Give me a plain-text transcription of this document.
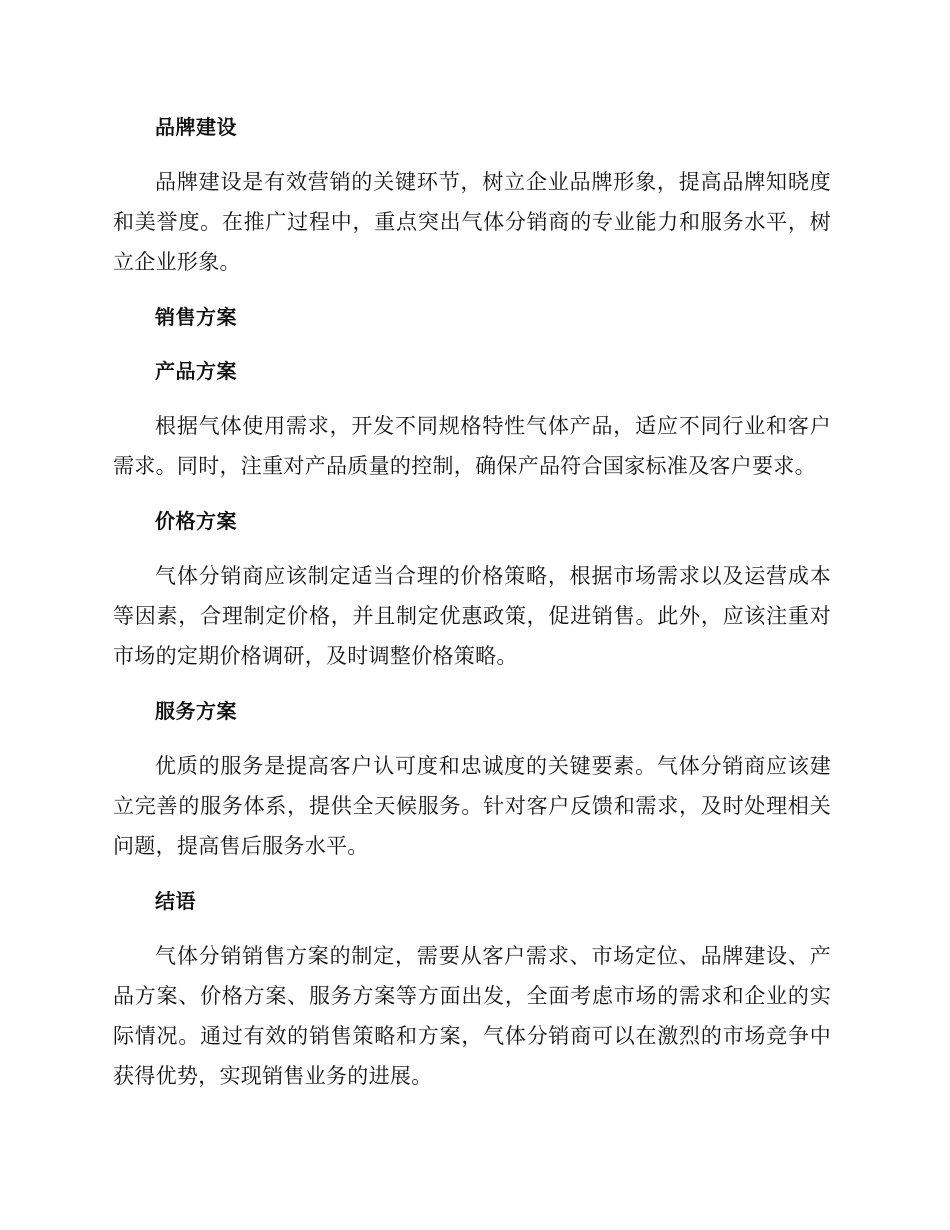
品牌建设

品牌建设是有效营销的关键环节，树立企业品牌形象，提高品牌知晓度和美誉度。在推广过程中，重点突出气体分销商的专业能力和服务水平，树立企业形象。

销售方案
产品方案

根据气体使用需求，开发不同规格特性气体产品，适应不同行业和客户需求。同时，注重对产品质量的控制，确保产品符合国家标准及客户要求。

价格方案

气体分销商应该制定适当合理的价格策略，根据市场需求以及运营成本等因素，合理制定价格，并且制定优惠政策，促进销售。此外，应该注重对市场的定期价格调研，及时调整价格策略。

服务方案

优质的服务是提高客户认可度和忠诚度的关键要素。气体分销商应该建立完善的服务体系，提供全天候服务。针对客户反馈和需求，及时处理相关问题，提高售后服务水平。

结语

气体分销销售方案的制定，需要从客户需求、市场定位、品牌建设、产品方案、价格方案、服务方案等方面出发，全面考虑市场的需求和企业的实际情况。通过有效的销售策略和方案，气体分销商可以在激烈的市场竞争中获得优势，实现销售业务的进展。
